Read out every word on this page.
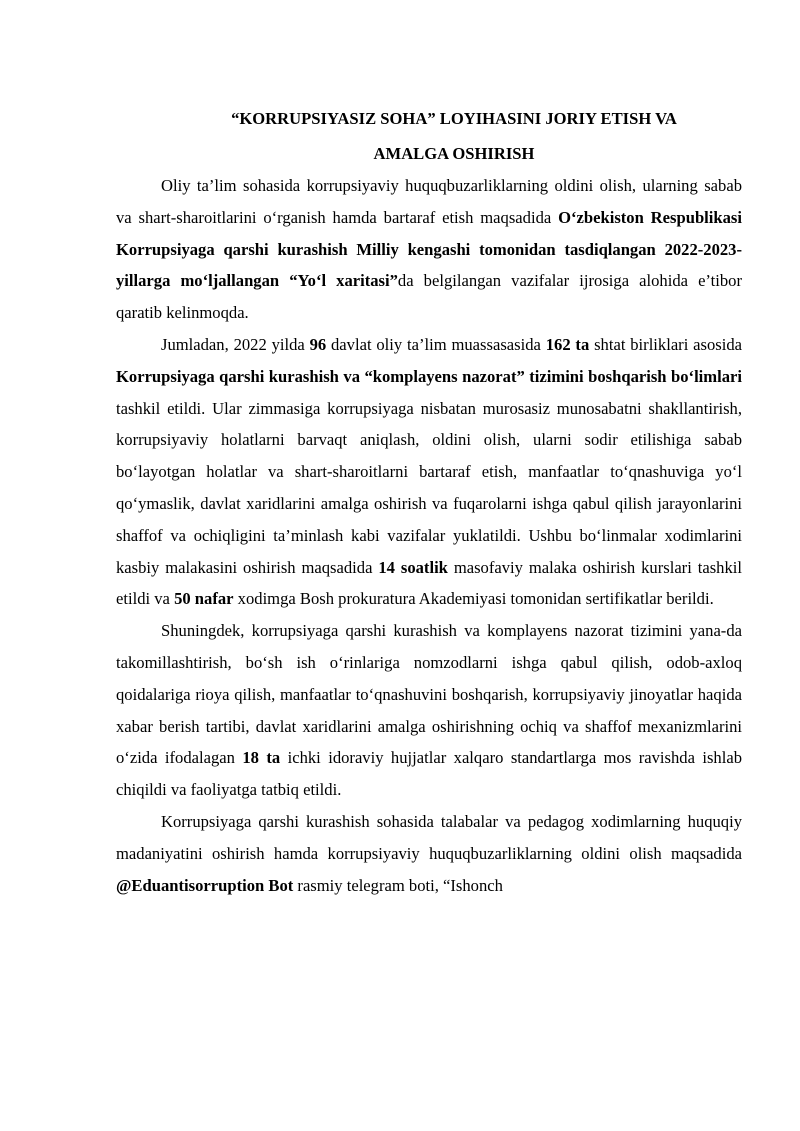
“KORRUPSIYASIZ SOHA” LOYIHASINI JORIY ETISH VA
AMALGA OSHIRISH

Oliy ta’lim sohasida korrupsiyaviy huquqbuzarliklarning oldini olish, ularning sabab va shart-sharoitlarini o‘rganish hamda bartaraf etish maqsadida O‘zbekiston Respublikasi Korrupsiyaga qarshi kurashish Milliy kengashi tomonidan tasdiqlangan 2022-2023-yillarga mo‘ljallangan “Yo‘l xaritasi”da belgilangan vazifalar ijrosiga alohida e’tibor qaratib kelinmoqda.

Jumladan, 2022 yilda 96 davlat oliy ta’lim muassasasida 162 ta shtat birliklari asosida Korrupsiyaga qarshi kurashish va “komplayens nazorat” tizimini boshqarish bo‘limlari tashkil etildi. Ular zimmasiga korrupsiyaga nisbatan murosasiz munosabatni shakllantirish, korrupsiyaviy holatlarni barvaqt aniqlash, oldini olish, ularni sodir etilishiga sabab bo‘layotgan holatlar va shart-sharoitlarni bartaraf etish, manfaatlar to‘qnashuviga yo‘l qo‘ymaslik, davlat xaridlarini amalga oshirish va fuqarolarni ishga qabul qilish jarayonlarini shaffof va ochiqligini ta’minlash kabi vazifalar yuklatildi. Ushbu bo‘linmalar xodimlarini kasbiy malakasini oshirish maqsadida 14 soatlik masofaviy malaka oshirish kurslari tashkil etildi va 50 nafar xodimga Bosh prokuratura Akademiyasi tomonidan sertifikatlar berildi.

Shuningdek, korrupsiyaga qarshi kurashish va komplayens nazorat tizimini yana-da takomillashtirish, bo‘sh ish o‘rinlariga nomzodlarni ishga qabul qilish, odob-axloq qoidalariga rioya qilish, manfaatlar to‘qnashuvini boshqarish, korrupsiyaviy jinoyatlar haqida xabar berish tartibi, davlat xaridlarini amalga oshirishning ochiq va shaffof mexanizmlarini o‘zida ifodalagan 18 ta ichki idoraviy hujjatlar xalqaro standartlarga mos ravishda ishlab chiqildi va faoliyatga tatbiq etildi.

Korrupsiyaga qarshi kurashish sohasida talabalar va pedagog xodimlarning huquqiy madaniyatini oshirish hamda korrupsiyaviy huquqbuzarliklarning oldini olish maqsadida @Eduantisorruption Bot rasmiy telegram boti, “Ishonch
